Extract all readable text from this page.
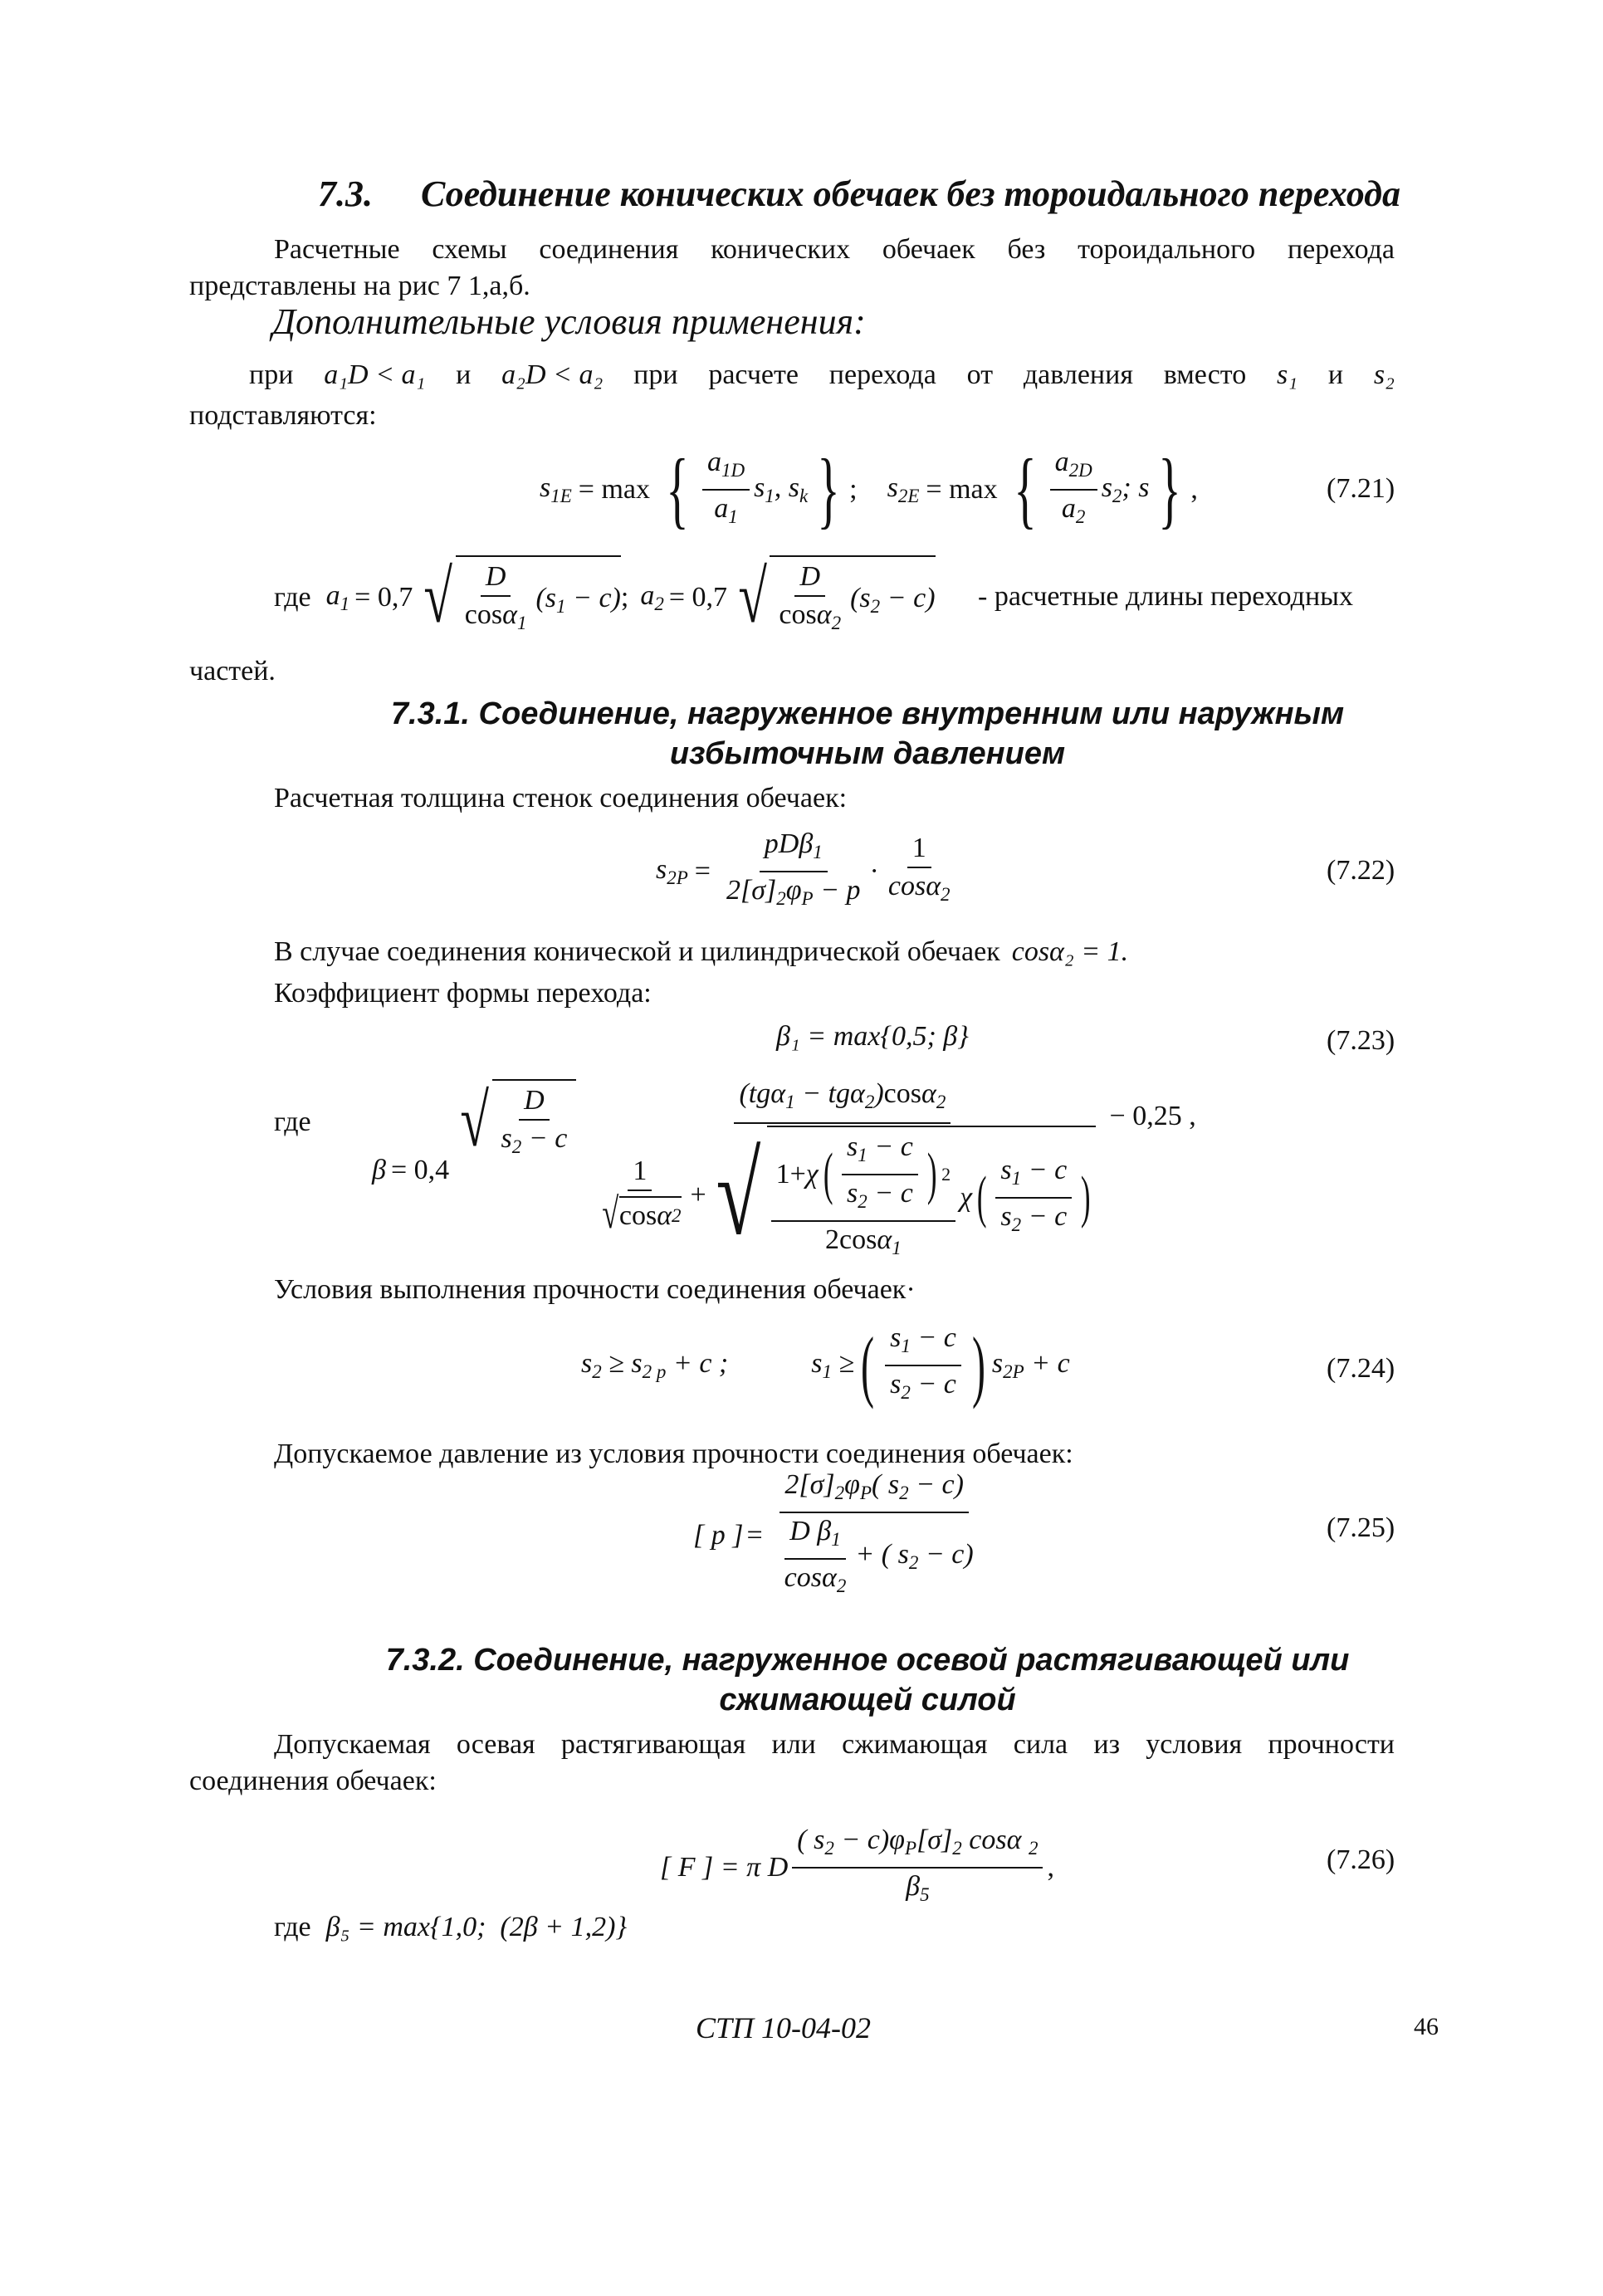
7.3. Соединение конических обечаек без тороидального перехода
Расчетные схемы соединения конических обечаек без тороидального перехода
представлены на рис 7 1,а,б.
Дополнительные условия применения:
при a₁D < a₁ и a₂D < a₂ при расчете перехода от давления вместо s₁ и s₂
подставляются:
$s_{1E} = \max$ { $\frac{a_{1D}}{a_1} s_1$, $s_k$ } ; $s_{2E} = \max$ { $\frac{a_{2D}}{a_2} s_2$; s } ,	(7.21)
где $a_1 = 0,7$ √ $\frac{D}{\cos\alpha_1} (s_1 - c)$ ; $a_2 = 0,7$ √ $\frac{D}{\cos\alpha_2} (s_2 - c)$ - расчетные длины переходных
частей.
7.3.1. Соединение, нагруженное внутренним или наружным
избыточным давлением
Расчетная толщина стенок соединения обечаек:
$s_{2P} = \frac{pD\beta_1}{2[\sigma]_2\varphi_P - p} \cdot \frac{1}{\cos\alpha_2}$	(7.22)
В случае соединения конической и цилиндрической обечаек cosα₂ = 1.
Коэффициент формы перехода:
β₁ = max{0,5; β}	(7.23)
где
β = 0,4
√ $\frac{D}{s_2 - c}$	(tgα$_1$ − tgα$_2$)cosα$_2$
$\frac{1}{\text{√ cos α 2}}$ + √ $\frac{1+ \chi ( \frac{s_1 - c}{s_2 - c} ) 2}{2\cos\alpha_1}$ χ ( $\frac{s_1 - c}{s_2 - c}$ )
− 0,25 ,
Условия выполнения прочности соединения обечаек·
$s_2 \ge s_{2 p} + c$ ;	$s_1$ ≥ ( $\frac{s_1 - c}{s_2 - c}$ ) $s_{2P} + c$	(7.24)
Допускаемое давление из условия прочности соединения обечаек:
[ p ] = $\frac{2[\sigma]_2\varphi_P( s_2 - c)}{\frac{D \beta_1}{\cos\alpha_2} + ( s_2 - c)}$	(7.25)
7.3.2. Соединение, нагруженное осевой растягивающей или
сжимающей силой
Допускаемая осевая растягивающая или сжимающая сила из условия прочности
соединения обечаек:
[ F ] = π D $\frac{( s_2 - c)\varphi_P[\sigma]_2 \cos\alpha _2}{\beta_5}$ ,	(7.26)
где β₅ = max{1,0;  (2β + 1,2)}
СТП 10-04-02	46
